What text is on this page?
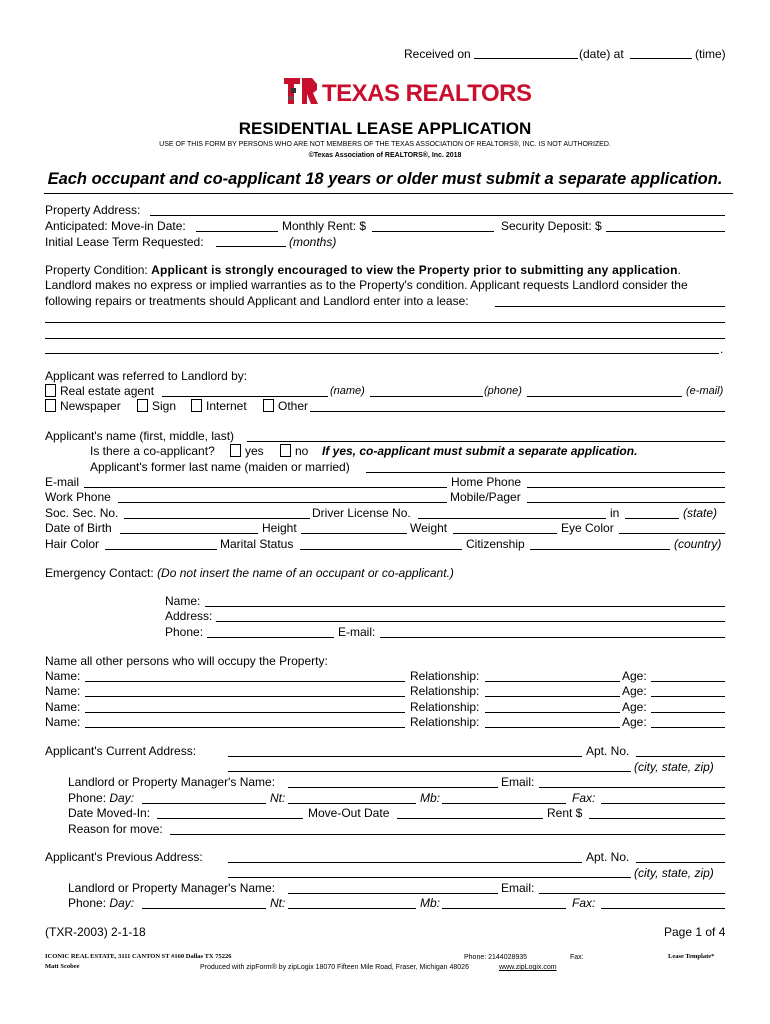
Received on	(date) at	(time)
TEXAS REALTORS
RESIDENTIAL LEASE APPLICATION
USE OF THIS FORM BY PERSONS WHO ARE NOT MEMBERS OF THE TEXAS ASSOCIATION OF REALTORS®, INC. IS NOT AUTHORIZED.
©Texas Association of REALTORS®, Inc. 2018
Each occupant and co-applicant 18 years or older must submit a separate application.
Property Address:
Anticipated: Move-in Date:	Monthly Rent: $	Security Deposit: $
Initial Lease Term Requested:	(months)
Property Condition: Applicant is strongly encouraged to view the Property prior to submitting any application.
Landlord makes no express or implied warranties as to the Property's condition. Applicant requests Landlord consider the
following repairs or treatments should Applicant and Landlord enter into a lease:
.
Applicant was referred to Landlord by:
Real estate agent	(name)	(phone)	(e-mail)
Newspaper	Sign Internet	Other
Applicant's name (first, middle, last)
Is there a co-applicant?	yes	no If yes, co-applicant must submit a separate application.
Applicant's former last name (maiden or married)
E-mail	Home Phone
Work Phone	Mobile/Pager
Soc. Sec. No.	Driver License No.	in	(state)
Date of Birth	Height	Weight	Eye Color
Hair Color	Marital Status	Citizenship	(country)
Emergency Contact: (Do not insert the name of an occupant or co-applicant.)
Name:
Address:
Phone:	E-mail:
Name all other persons who will occupy the Property:
Name:	Relationship:	Age:
Name:	Relationship:	Age:
Name:	Relationship:	Age:
Name:	Relationship:	Age:
Applicant's Current Address:	Apt. No.
(city, state, zip)
Landlord or Property Manager's Name:	Email:
Phone: Day:	Nt:	Mb:	Fax:
Date Moved-In:	Move-Out Date	Rent $
Reason for move:
Applicant's Previous Address:	Apt. No.
(city, state, zip)
Landlord or Property Manager's Name:	Email:
Phone: Day:	Nt:	Mb:	Fax:
(TXR-2003) 2-1-18	Page 1 of 4
ICONIC REAL ESTATE, 3111 CANTON ST #160 Dallas TX 75226	Phone: 2144028935	Fax:	Lease Template*
Matt Scobee	Produced with zipForm® by zipLogix 18070 Fifteen Mile Road, Fraser, Michigan 48026	www.zipLogix.com
